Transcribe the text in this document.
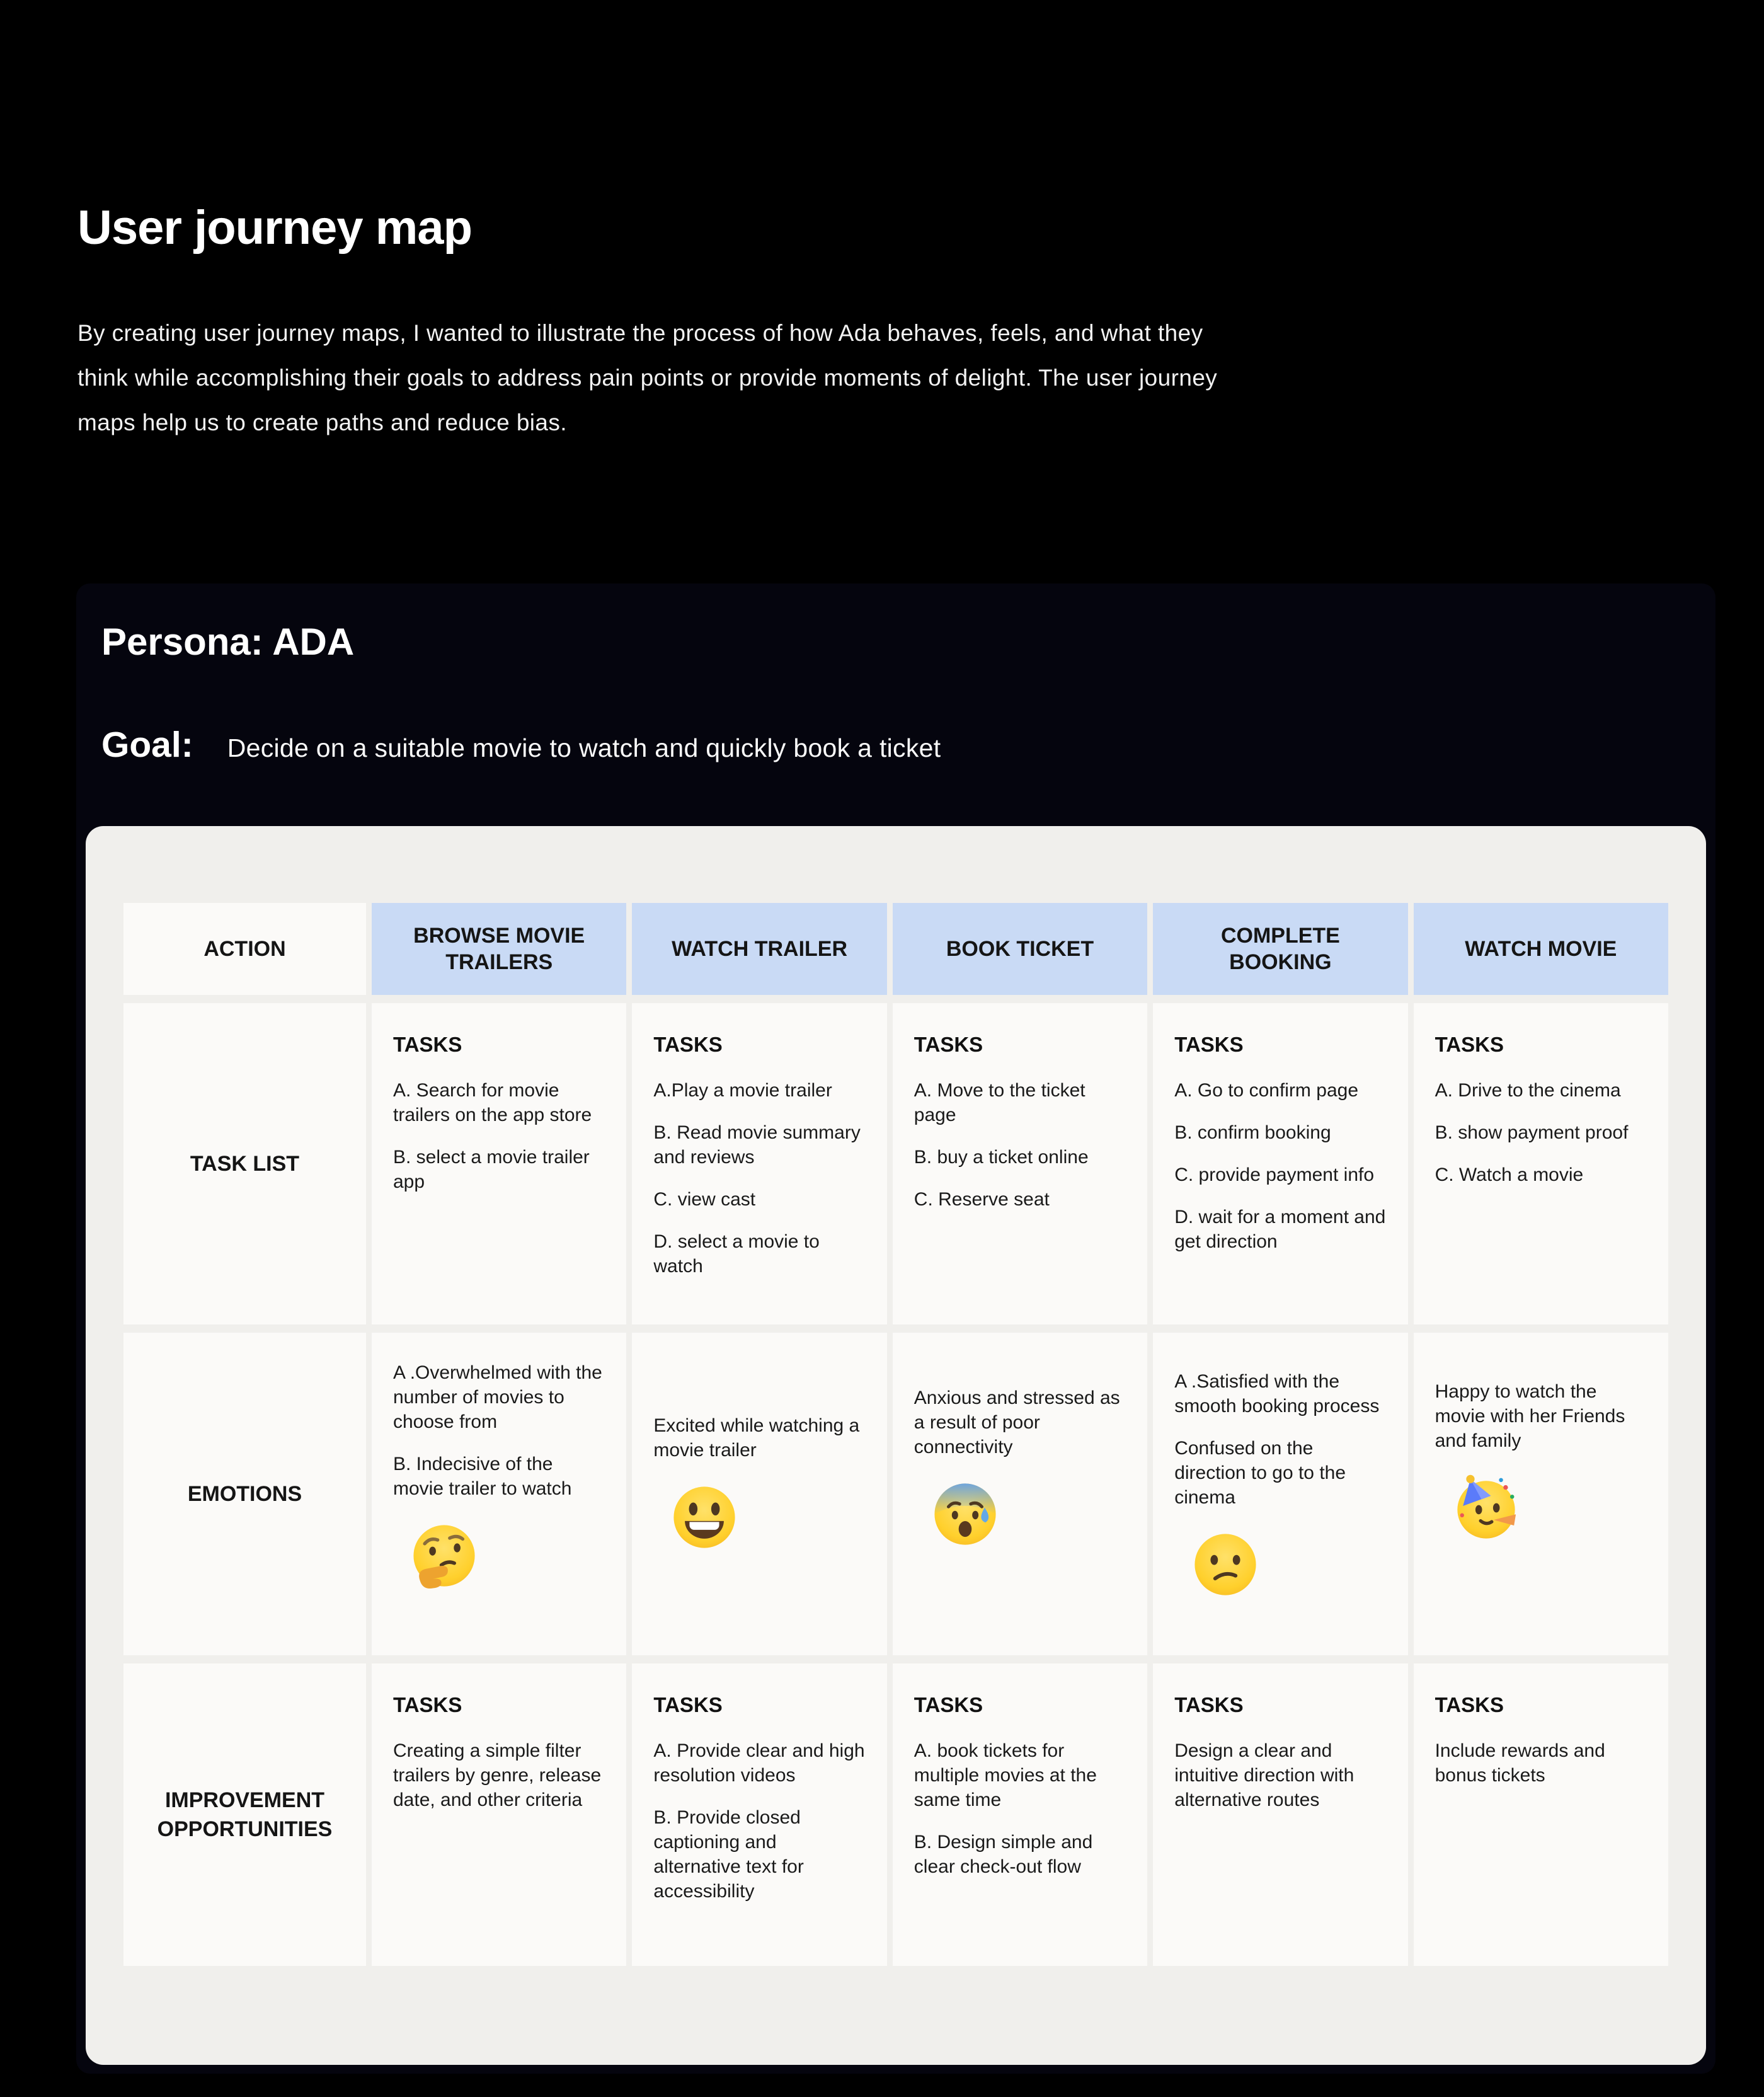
User journey map

By creating user journey maps, I wanted to illustrate the process of how Ada behaves, feels, and what they think while accomplishing their goals to address pain points or provide moments of delight. The user journey maps help us to create paths and reduce bias.

Persona: ADA
Goal: Decide on a suitable movie to watch and quickly book a ticket
ACTION
BROWSE MOVIE TRAILERS
WATCH TRAILER	BOOK TICKET
COMPLETE BOOKING
WATCH MOVIE
TASK LIST
TASKS

A. Search for movie trailers on the app store

B. select a movie trailer app

TASKS

A.Play a movie trailer

B. Read movie summary and reviews

C. view cast

D. select a movie to watch

TASKS

A. Move to the ticket page

B. buy a ticket online

C. Reserve seat

TASKS

A. Go to confirm page

B. confirm booking

C. provide payment info

D. wait for a moment and get direction

TASKS

A. Drive to the cinema

B. show payment proof

C. Watch a movie

EMOTIONS

A .Overwhelmed with the number of movies to choose from

B. Indecisive of the movie trailer to watch

Excited while watching a movie trailer

Anxious and stressed as a result of poor connectivity

A .Satisfied with the smooth booking process

Confused on the direction to go to the cinema

Happy to watch the movie with her Friends and family

IMPROVEMENT OPPORTUNITIES
TASKS

Creating a simple filter trailers by genre, release date, and other criteria

TASKS

A. Provide clear and high resolution videos

B. Provide closed captioning and alternative text for accessibility

TASKS

A. book tickets for multiple movies at the same time

B. Design simple and clear check-out flow

TASKS

Design a clear and intuitive direction with alternative routes

TASKS

Include rewards and bonus tickets
